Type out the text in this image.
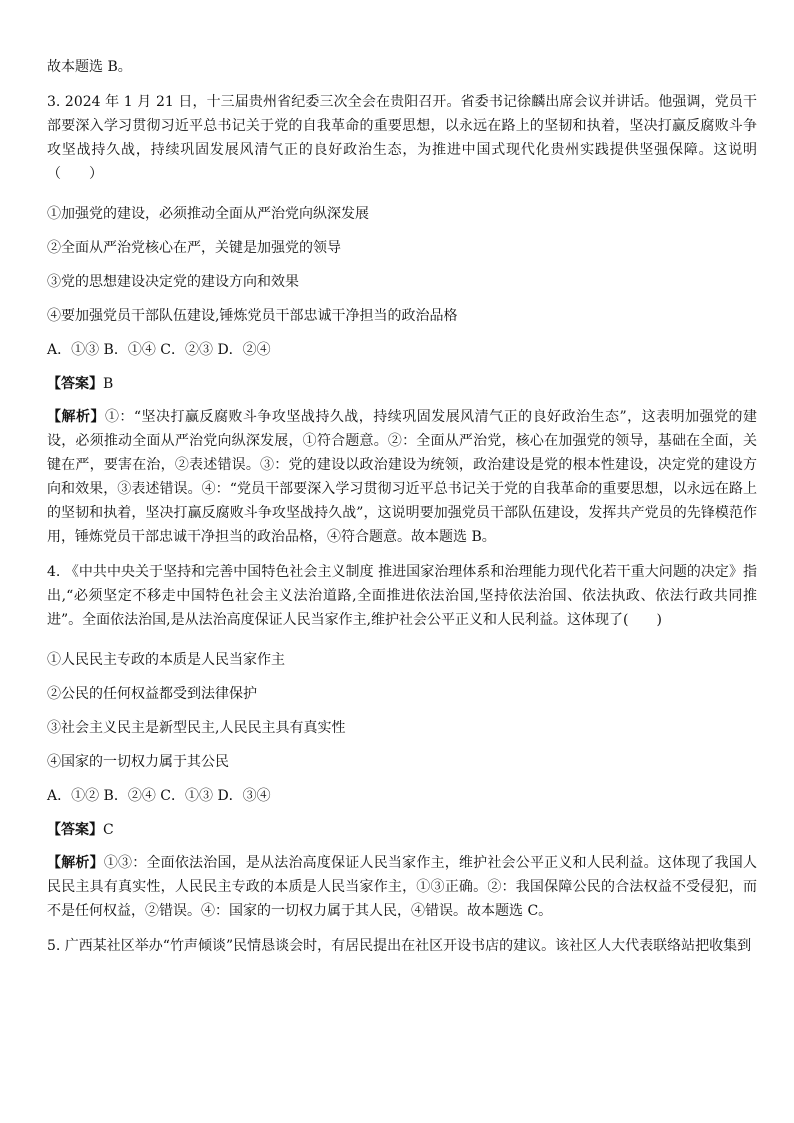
故本题选 B。
3. 2024 年 1 月 21 日，十三届贵州省纪委三次全会在贵阳召开。省委书记徐麟出席会议并讲话。他强调，党员干部要深入学习贯彻习近平总书记关于党的自我革命的重要思想，以永远在路上的坚韧和执着，坚决打赢反腐败斗争攻坚战持久战，持续巩固发展风清气正的良好政治生态，为推进中国式现代化贵州实践提供坚强保障。这说明（　　）
①加强党的建设，必须推动全面从严治党向纵深发展
②全面从严治党核心在严，关键是加强党的领导
③党的思想建设决定党的建设方向和效果
④要加强党员干部队伍建设,锤炼党员干部忠诚干净担当的政治品格
A．①③ B．①④ C．②③ D．②④
【答案】B
【解析】①：“坚决打赢反腐败斗争攻坚战持久战，持续巩固发展风清气正的良好政治生态”，这表明加强党的建设，必须推动全面从严治党向纵深发展，①符合题意。②：全面从严治党，核心在加强党的领导，基础在全面，关键在严，要害在治，②表述错误。③：党的建设以政治建设为统领，政治建设是党的根本性建设，决定党的建设方向和效果，③表述错误。④：“党员干部要深入学习贯彻习近平总书记关于党的自我革命的重要思想，以永远在路上的坚韧和执着，坚决打赢反腐败斗争攻坚战持久战”，这说明要加强党员干部队伍建设，发挥共产党员的先锋模范作用，锤炼党员干部忠诚干净担当的政治品格，④符合题意。故本题选 B。
4. 《中共中央关于坚持和完善中国特色社会主义制度 推进国家治理体系和治理能力现代化若干重大问题的决定》指出,“必须坚定不移走中国特色社会主义法治道路,全面推进依法治国,坚持依法治国、依法执政、依法行政共同推进”。全面依法治国,是从法治高度保证人民当家作主,维护社会公平正义和人民利益。这体现了(　　)
①人民民主专政的本质是人民当家作主
②公民的任何权益都受到法律保护
③社会主义民主是新型民主,人民民主具有真实性
④国家的一切权力属于其公民
A．①② B．②④ C．①③ D．③④
【答案】C
【解析】①③：全面依法治国，是从法治高度保证人民当家作主，维护社会公平正义和人民利益。这体现了我国人民民主具有真实性，人民民主专政的本质是人民当家作主，①③正确。②：我国保障公民的合法权益不受侵犯，而不是任何权益，②错误。④：国家的一切权力属于其人民，④错误。故本题选 C。
5. 广西某社区举办“竹声倾谈”民情恳谈会时，有居民提出在社区开设书店的建议。该社区人大代表联络站把收集到
